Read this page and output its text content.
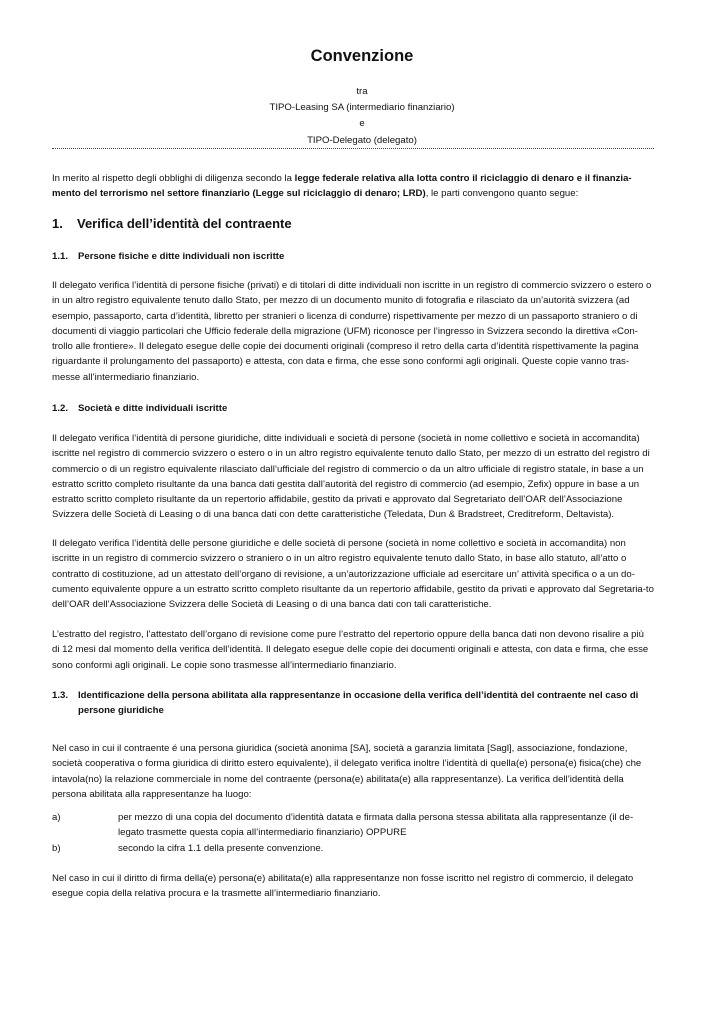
Convenzione
tra
TIPO-Leasing SA (intermediario finanziario)
e
TIPO-Delegato (delegato)

In merito al rispetto degli obblighi di diligenza secondo la legge federale relativa alla lotta contro il riciclaggio di denaro e il finanzia-mento del terrorismo nel settore finanziario (Legge sul riciclaggio di denaro; LRD), le parti convengono quanto segue:

1. Verifica dell’identità del contraente
1.1.	Persone fisiche e ditte individuali non iscritte

Il delegato verifica l’identità di persone fisiche (privati) e di titolari di ditte individuali non iscritte in un registro di commercio svizzero o estero o in un altro registro equivalente tenuto dallo Stato, per mezzo di un documento munito di fotografia e rilasciato da un’autorità svizzera (ad esempio, passaporto, carta d’identità, libretto per stranieri o licenza di condurre) rispettivamente per mezzo di un passaporto straniero o di documenti di viaggio particolari che Ufficio federale della migrazione (UFM) riconosce per l’ingresso in Svizzera secondo la direttiva «Con-trollo alle frontiere». Il delegato esegue delle copie dei documenti originali (compreso il retro della carta d’identità rispettivamente la pagina riguardante il prolungamento del passaporto) e attesta, con data e firma, che esse sono conformi agli originali. Queste copie vanno tras-messe all’intermediario finanziario.

1.2.	Società e ditte individuali iscritte

Il delegato verifica l’identità di persone giuridiche, ditte individuali e società di persone (società in nome collettivo e società in accomandita) iscritte nel registro di commercio svizzero o estero o in un altro registro equivalente tenuto dallo Stato, per mezzo di un estratto del registro di commercio o di un registro equivalente rilasciato dall’ufficiale del registro di commercio o da un altro ufficiale di registro statale, in base a un estratto scritto completo risultante da una banca dati gestita dall’autorità del registro di commercio (ad esempio, Zefix) oppure in base a un estratto scritto completo risultante da un repertorio affidabile, gestito da privati e approvato dal Segretariato dell’OAR dell’Associazione Svizzera delle Società di Leasing o di una banca dati con dette caratteristiche (Teledata, Dun & Bradstreet, Creditreform, Deltavista).

Il delegato verifica l’identità delle persone giuridiche e delle società di persone (società in nome collettivo e società in accomandita) non iscritte in un registro di commercio svizzero o straniero o in un altro registro equivalente tenuto dallo Stato, in base allo statuto, all’atto o contratto di costituzione, ad un attestato dell’organo di revisione, a un’autorizzazione ufficiale ad esercitare un’ attività specifica o a un do-cumento equivalente oppure a un estratto scritto completo risultante da un repertorio affidabile, gestito da privati e approvato dal Segretaria-to dell’OAR dell’Associazione Svizzera delle Società di Leasing o di una banca dati con tali caratteristiche.

L’estratto del registro, l’attestato dell’organo di revisione come pure l’estratto del repertorio oppure della banca dati non devono risalire a più di 12 mesi dal momento della verifica dell’identità. Il delegato esegue delle copie dei documenti originali e attesta, con data e firma, che esse sono conformi agli originali. Le copie sono trasmesse all’intermediario finanziario.

1.3.	Identificazione della persona abilitata alla rappresentanze in occasione della verifica dell’identità del contraente nel caso di persone giuridiche

Nel caso in cui il contraente é una persona giuridica (società anonima [SA], società a garanzia limitata [Sagl], associazione, fondazione, società cooperativa o forma giuridica di diritto estero equivalente), il delegato verifica inoltre l’identità di quella(e) persona(e) fisica(che) che intavola(no) la relazione commerciale in nome del contraente (persona(e) abilitata(e) alla rappresentanze). La verifica dell’identità della persona abilitata alla rappresentanze ha luogo:

a)	per mezzo di una copia del documento d’identità datata e firmata dalla persona stessa abilitata alla rappresentanze (il de-legato trasmette questa copia all’intermediario finanziario) OPPURE
b)	secondo la cifra 1.1 della presente convenzione.

Nel caso in cui il diritto di firma della(e) persona(e) abilitata(e) alla rappresentanze non fosse iscritto nel registro di commercio, il delegato esegue copia della relativa procura e la trasmette all’intermediario finanziario.
